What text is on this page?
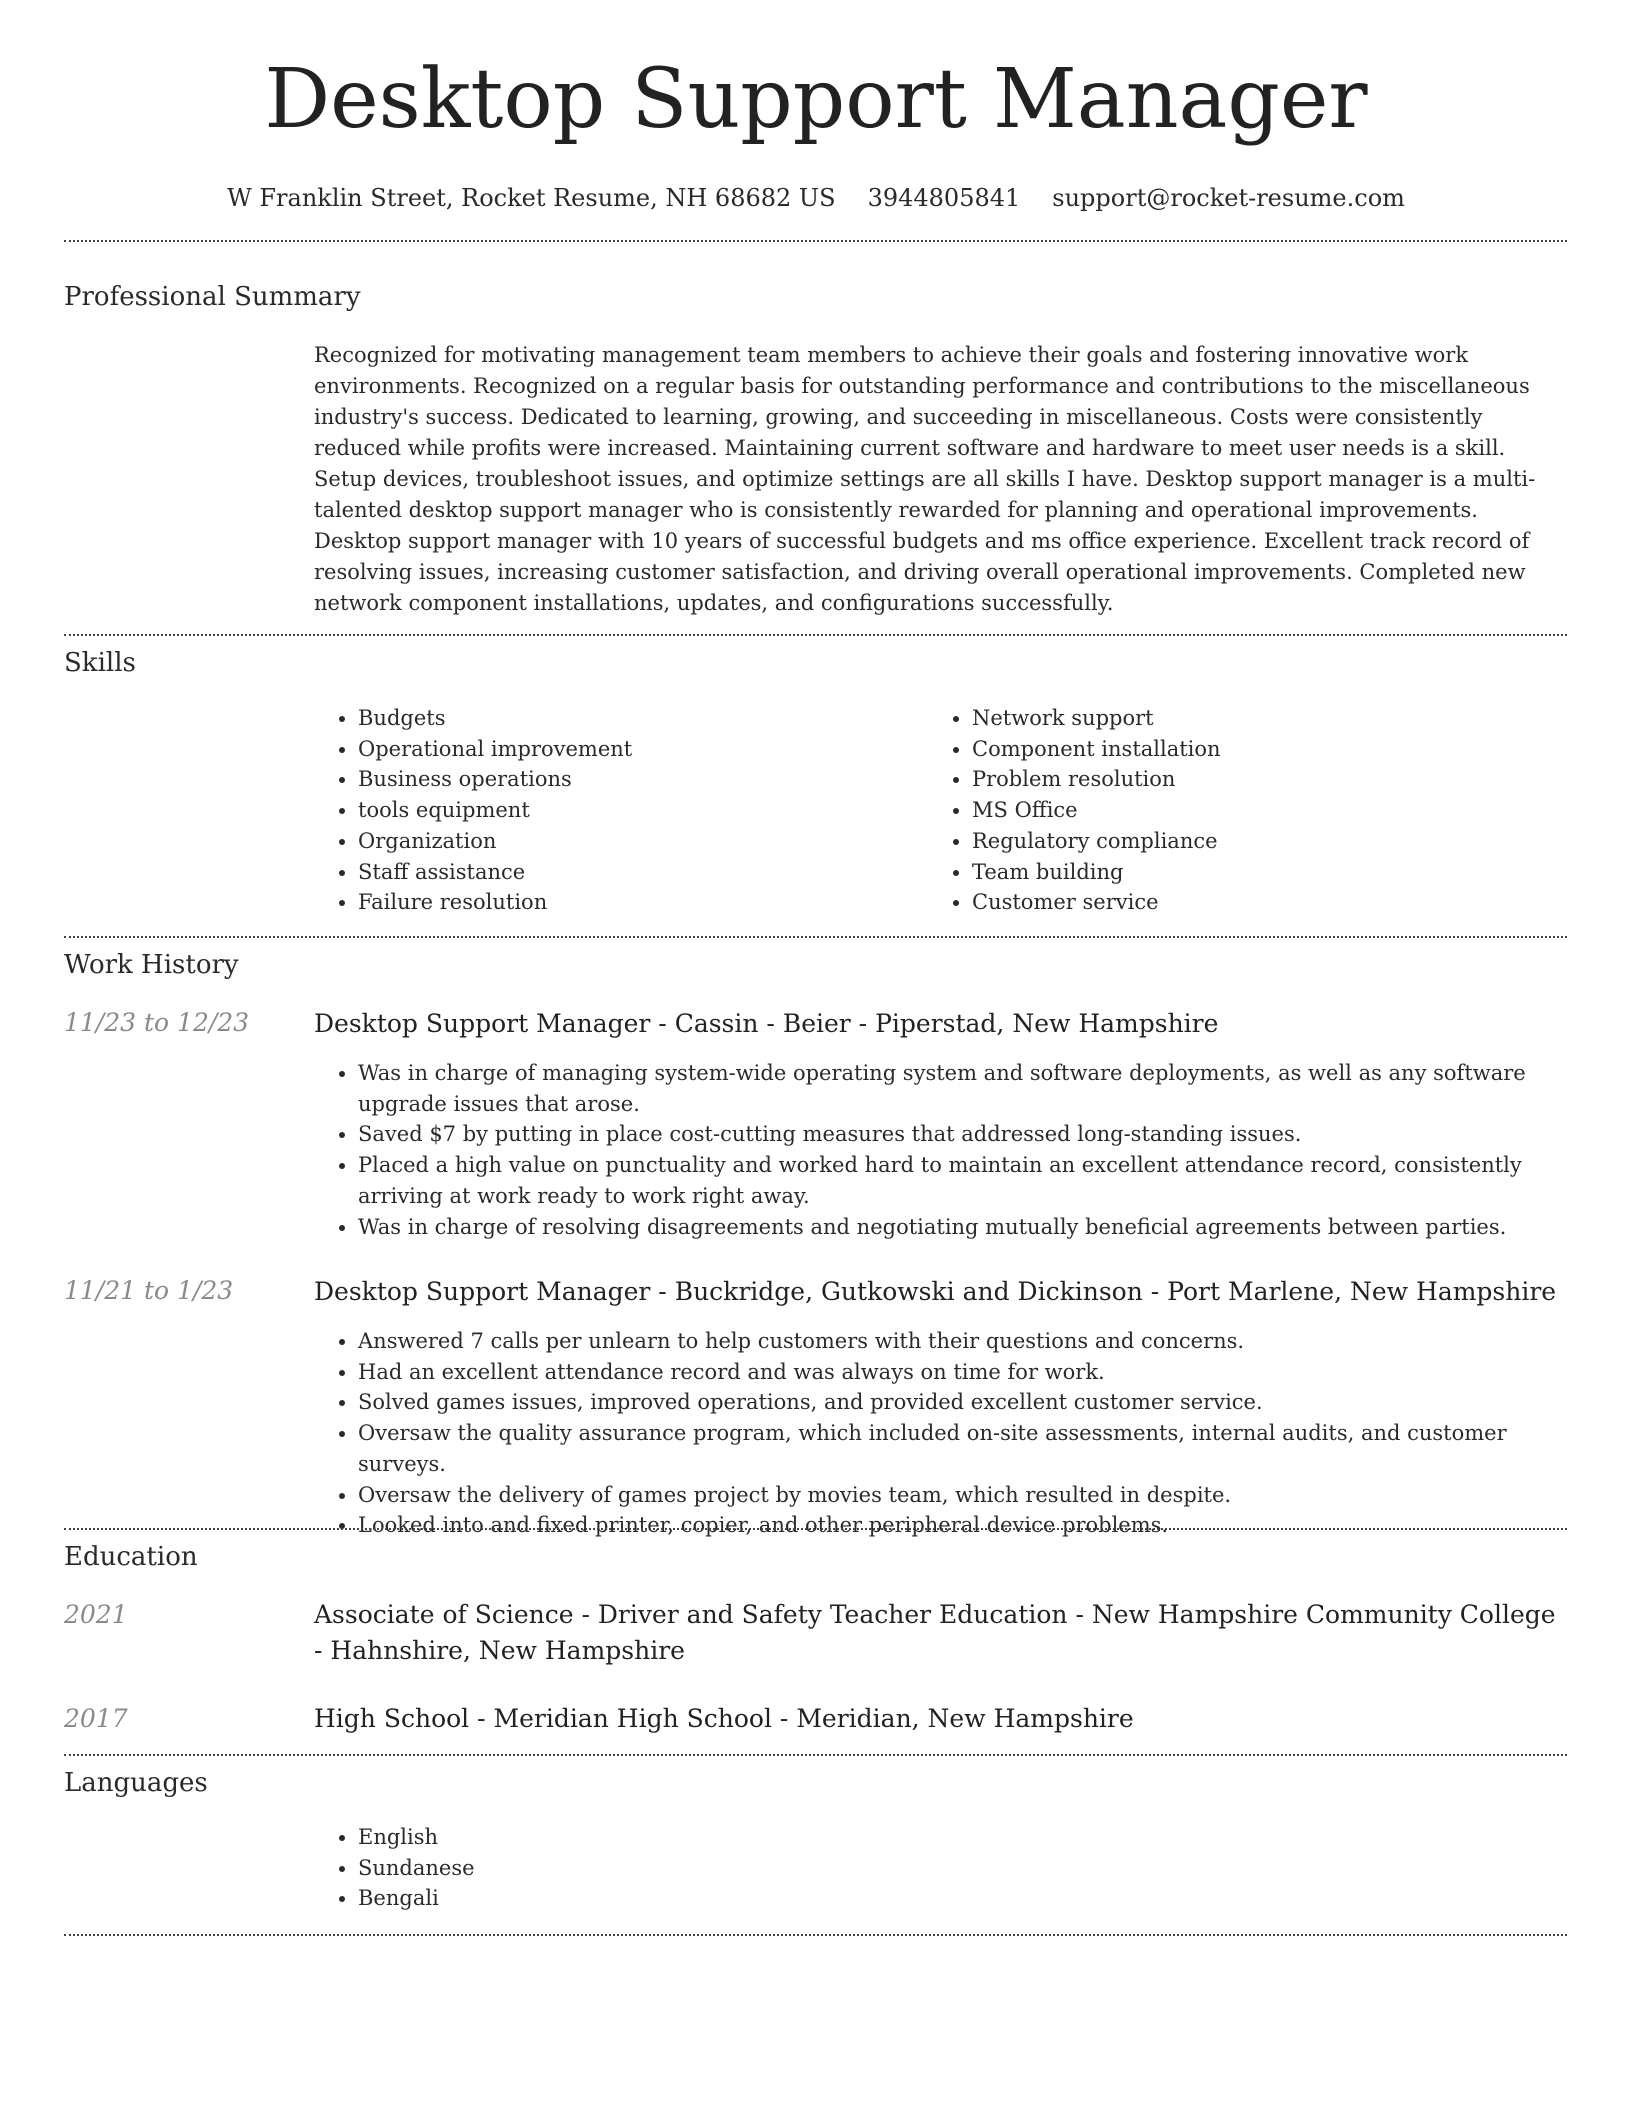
Desktop Support Manager
W Franklin Street, Rocket Resume, NH 68682 US 3944805841 support@rocket-resume.com
Professional Summary
Recognized for motivating management team members to achieve their goals and fostering innovative work environments. Recognized on a regular basis for outstanding performance and contributions to the miscellaneous industry's success. Dedicated to learning, growing, and succeeding in miscellaneous. Costs were consistently reduced while profits were increased. Maintaining current software and hardware to meet user needs is a skill. Setup devices, troubleshoot issues, and optimize settings are all skills I have. Desktop support manager is a multi-talented desktop support manager who is consistently rewarded for planning and operational improvements. Desktop support manager with 10 years of successful budgets and ms office experience. Excellent track record of resolving issues, increasing customer satisfaction, and driving overall operational improvements. Completed new network component installations, updates, and configurations successfully.
Skills
• Budgets
• Operational improvement
• Business operations
• tools equipment
• Organization
• Staff assistance
• Failure resolution
• Network support
• Component installation
• Problem resolution
• MS Office
• Regulatory compliance
• Team building
• Customer service
Work History
11/23 to 12/23	Desktop Support Manager - Cassin - Beier - Piperstad, New Hampshire
• Was in charge of managing system-wide operating system and software deployments, as well as any software upgrade issues that arose.
• Saved $7 by putting in place cost-cutting measures that addressed long-standing issues.
• Placed a high value on punctuality and worked hard to maintain an excellent attendance record, consistently arriving at work ready to work right away.
• Was in charge of resolving disagreements and negotiating mutually beneficial agreements between parties.
11/21 to 1/23	Desktop Support Manager - Buckridge, Gutkowski and Dickinson - Port Marlene, New Hampshire
• Answered 7 calls per unlearn to help customers with their questions and concerns.
• Had an excellent attendance record and was always on time for work.
• Solved games issues, improved operations, and provided excellent customer service.
• Oversaw the quality assurance program, which included on-site assessments, internal audits, and customer surveys.
• Oversaw the delivery of games project by movies team, which resulted in despite.
• Looked into and fixed printer, copier, and other peripheral device problems.
Education
2021	Associate of Science - Driver and Safety Teacher Education - New Hampshire Community College - Hahnshire, New Hampshire
2017	High School - Meridian High School - Meridian, New Hampshire
Languages
• English
• Sundanese
• Bengali
